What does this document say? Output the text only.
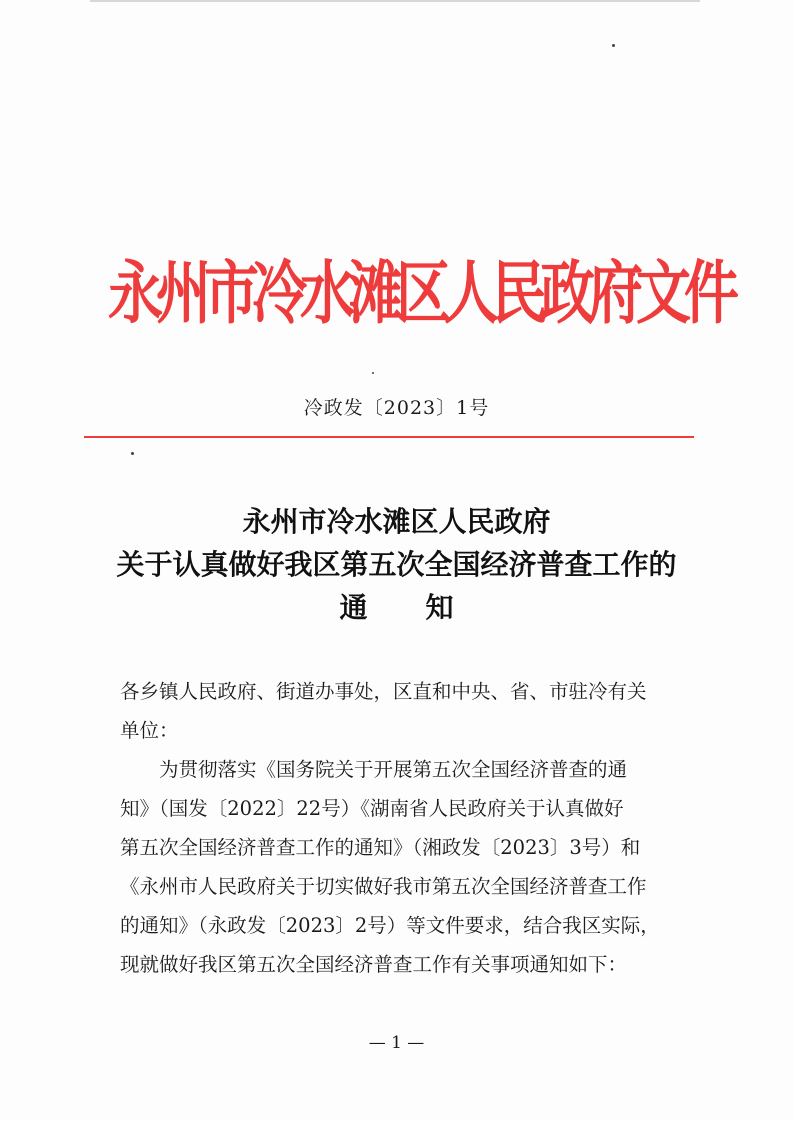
永州市冷水滩区人民政府文件
冷政发〔2023〕1号
永州市冷水滩区人民政府
关于认真做好我区第五次全国经济普查工作的
通知

各乡镇人民政府、街道办事处，区直和中央、省、市驻冷有关

单位：

为贯彻落实《国务院关于开展第五次全国经济普查的通

知》（国发〔2022〕22号）《湖南省人民政府关于认真做好

第五次全国经济普查工作的通知》（湘政发〔2023〕3号）和

《永州市人民政府关于切实做好我市第五次全国经济普查工作

的通知》（永政发〔2023〕2号）等文件要求，结合我区实际，

现就做好我区第五次全国经济普查工作有关事项通知如下：

— 1 —
